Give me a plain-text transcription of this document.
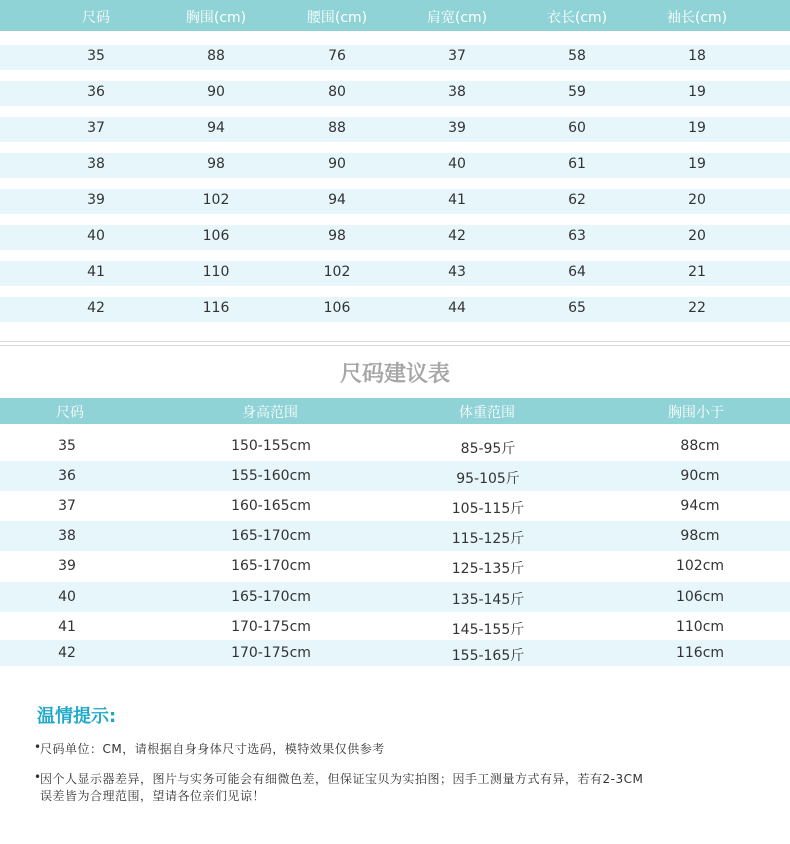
尺码	胸围(cm)	腰围(cm)	肩宽(cm)	衣长(cm)	袖长(cm)
35	88	76	37	58	18
36	90	80	38	59	19
37	94	88	39	60	19
38	98	90	40	61	19
39	102	94	41	62	20
40	106	98	42	63	20
41	110	102	43	64	21
42	116	106	44	65	22
尺码建议表
尺码	身高范围	体重范围	胸围小于
35	150-155cm	85-95斤	88cm
36	155-160cm	95-105斤	90cm
37	160-165cm	105-115斤	94cm
38	165-170cm	115-125斤	98cm
39	165-170cm	125-135斤	102cm
40	165-170cm	135-145斤	106cm
41	170-175cm	145-155斤	110cm
42	170-175cm	155-165斤	116cm
温情提示:
•
尺码单位：CM，请根据自身身体尺寸选码，模特效果仅供参考
•
因个人显示器差异，图片与实务可能会有细微色差，但保证宝贝为实拍图；因手工测量方式有异，若有2-3CM
误差皆为合理范围，望请各位亲们见谅！
